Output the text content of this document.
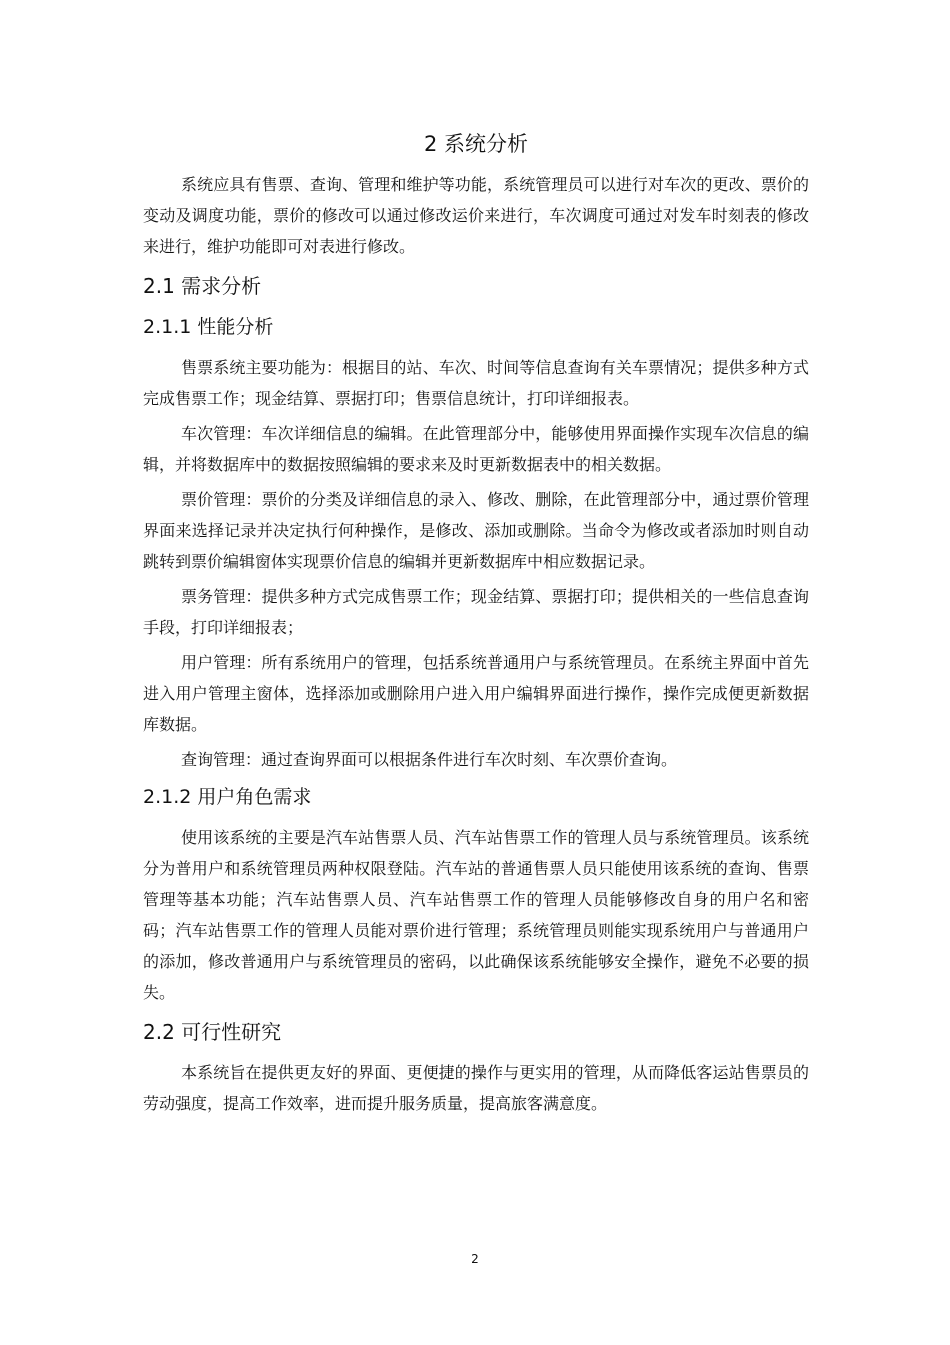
2 系统分析

系统应具有售票、查询、管理和维护等功能，系统管理员可以进行对车次的更改、票价的变动及调度功能，票价的修改可以通过修改运价来进行，车次调度可通过对发车时刻表的修改来进行，维护功能即可对表进行修改。

2.1 需求分析
2.1.1 性能分析

售票系统主要功能为：根据目的站、车次、时间等信息查询有关车票情况；提供多种方式完成售票工作；现金结算、票据打印；售票信息统计，打印详细报表。

车次管理：车次详细信息的编辑。在此管理部分中，能够使用界面操作实现车次信息的编辑，并将数据库中的数据按照编辑的要求来及时更新数据表中的相关数据。

票价管理：票价的分类及详细信息的录入、修改、删除，在此管理部分中，通过票价管理界面来选择记录并决定执行何种操作，是修改、添加或删除。当命令为修改或者添加时则自动跳转到票价编辑窗体实现票价信息的编辑并更新数据库中相应数据记录。

票务管理：提供多种方式完成售票工作；现金结算、票据打印；提供相关的一些信息查询手段，打印详细报表；

用户管理：所有系统用户的管理，包括系统普通用户与系统管理员。在系统主界面中首先进入用户管理主窗体，选择添加或删除用户进入用户编辑界面进行操作，操作完成便更新数据库数据。

查询管理：通过查询界面可以根据条件进行车次时刻、车次票价查询。

2.1.2 用户角色需求

使用该系统的主要是汽车站售票人员、汽车站售票工作的管理人员与系统管理员。该系统分为普用户和系统管理员两种权限登陆。汽车站的普通售票人员只能使用该系统的查询、售票管理等基本功能；汽车站售票人员、汽车站售票工作的管理人员能够修改自身的用户名和密码；汽车站售票工作的管理人员能对票价进行管理；系统管理员则能实现系统用户与普通用户的添加，修改普通用户与系统管理员的密码，以此确保该系统能够安全操作，避免不必要的损失。

2.2 可行性研究

本系统旨在提供更友好的界面、更便捷的操作与更实用的管理，从而降低客运站售票员的劳动强度，提高工作效率，进而提升服务质量，提高旅客满意度。

2
